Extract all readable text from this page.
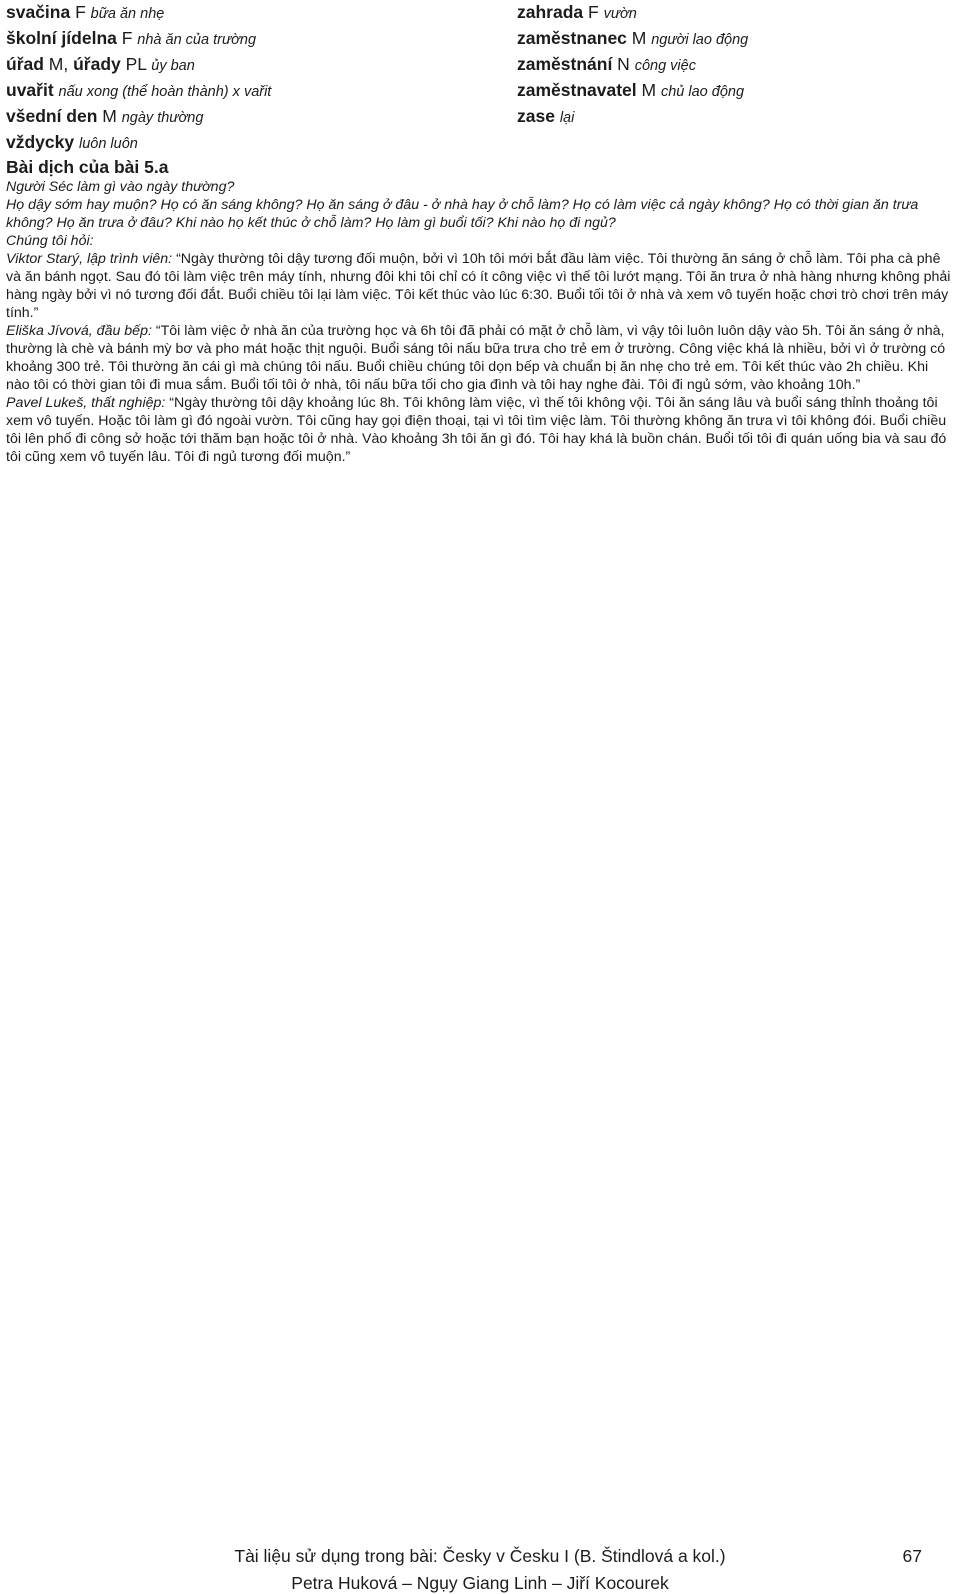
svačina F bữa ăn nhẹ
školní jídelna F nhà ăn của trường
úřad M, úřady PL ủy ban
uvařit nấu xong (thể hoàn thành) x vařit
všední den M ngày thường
vždycky luôn luôn
zahrada F vườn
zaměstnanec M người lao động
zaměstnání N công việc
zaměstnavatel M chủ lao động
zase lại

Bài dịch của bài 5.a

Người Séc làm gì vào ngày thường?

Họ dậy sớm hay muộn? Họ có ăn sáng không? Họ ăn sáng ở đâu - ở nhà hay ở chỗ làm? Họ có làm việc cả ngày không? Họ có thời gian ăn trưa không? Họ ăn trưa ở đâu? Khi nào họ kết thúc ở chỗ làm? Họ làm gì buổi tối? Khi nào họ đi ngủ?

Chúng tôi hỏi:

Viktor Starý, lập trình viên: “Ngày thường tôi dậy tương đối muộn, bởi vì 10h tôi mới bắt đầu làm việc. Tôi thường ăn sáng ở chỗ làm. Tôi pha cà phê và ăn bánh ngọt. Sau đó tôi làm việc trên máy tính, nhưng đôi khi tôi chỉ có ít công việc vì thế tôi lướt mạng. Tôi ăn trưa ở nhà hàng nhưng không phải hàng ngày bởi vì nó tương đối đắt. Buổi chiều tôi lại làm việc. Tôi kết thúc vào lúc 6:30. Buổi tối tôi ở nhà và xem vô tuyến hoặc chơi trò chơi trên máy tính.”

Eliška Jívová, đầu bếp: “Tôi làm việc ở nhà ăn của trường học và 6h tôi đã phải có mặt ở chỗ làm, vì vậy tôi luôn luôn dậy vào 5h. Tôi ăn sáng ở nhà, thường là chè và bánh mỳ bơ và pho mát hoặc thịt nguội. Buổi sáng tôi nấu bữa trưa cho trẻ em ở trường. Công việc khá là nhiều, bởi vì ở trường có khoảng 300 trẻ. Tôi thường ăn cái gì mà chúng tôi nấu. Buổi chiều chúng tôi dọn bếp và chuẩn bị ăn nhẹ cho trẻ em. Tôi kết thúc vào 2h chiều. Khi nào tôi có thời gian tôi đi mua sắm. Buổi tối tôi ở nhà, tôi nấu bữa tối cho gia đình và tôi hay nghe đài. Tôi đi ngủ sớm, vào khoảng 10h.”

Pavel Lukeš, thất nghiệp: “Ngày thường tôi dậy khoảng lúc 8h. Tôi không làm việc, vì thế tôi không vội. Tôi ăn sáng lâu và buổi sáng thỉnh thoảng tôi xem vô tuyến. Hoặc tôi làm gì đó ngoài vườn. Tôi cũng hay gọi điện thoại, tại vì tôi tìm việc làm. Tôi thường không ăn trưa vì tôi không đói. Buổi chiều tôi lên phố đi công sở hoặc tới thăm bạn hoặc tôi ở nhà. Vào khoảng 3h tôi ăn gì đó. Tôi hay khá là buồn chán. Buổi tối tôi đi quán uống bia và sau đó tôi cũng xem vô tuyến lâu. Tôi đi ngủ tương đối muộn.”

Tài liệu sử dụng trong bài: Česky v Česku I (B. Štindlová a kol.)	67
Petra Huková – Ngụy Giang Linh – Jiří Kocourek
